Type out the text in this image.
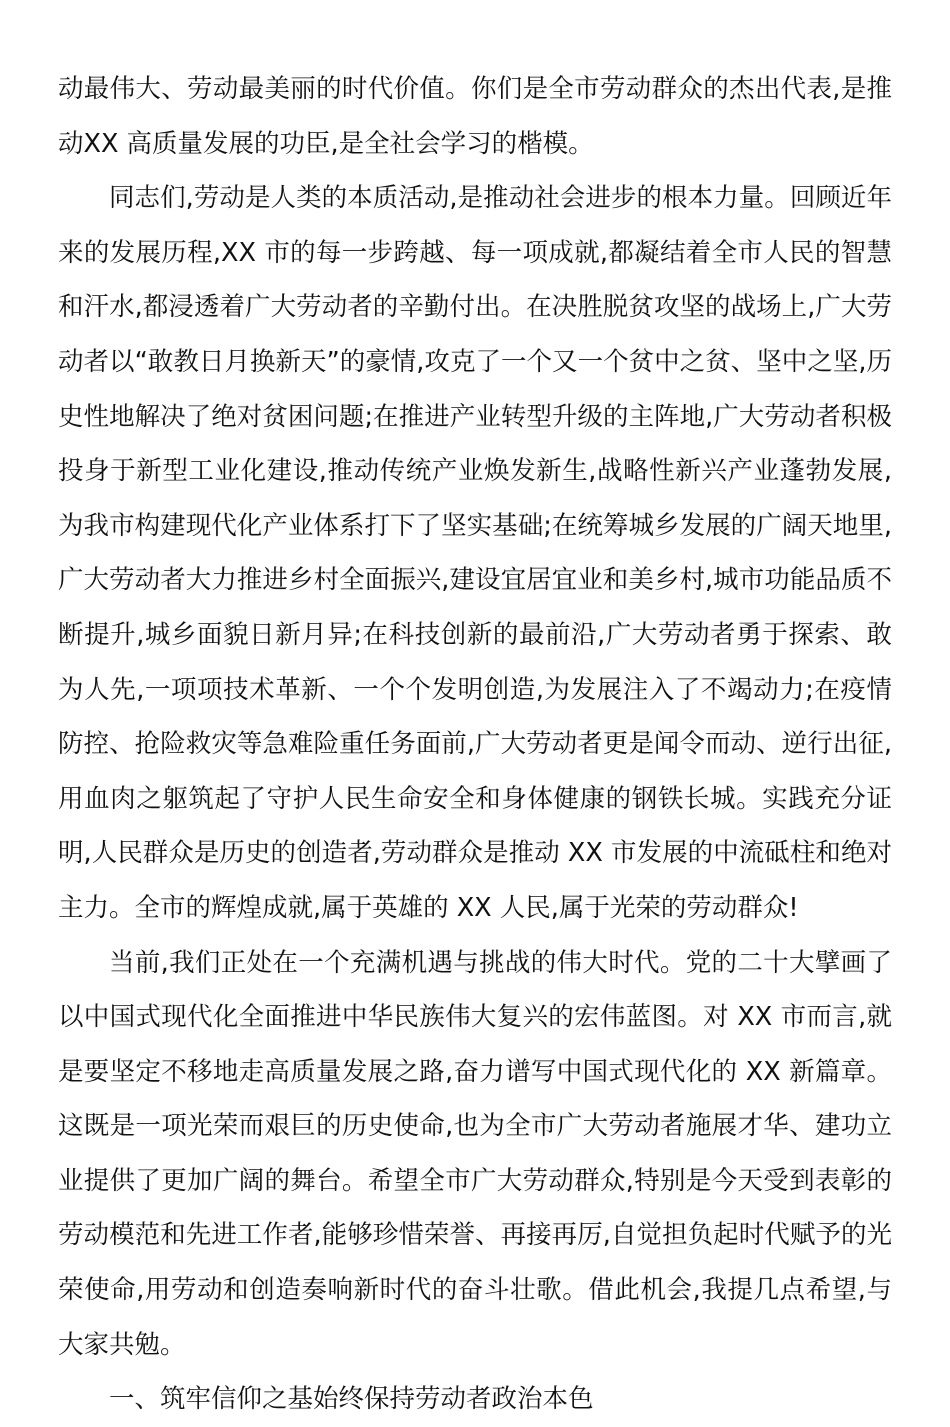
动最伟大、劳动最美丽的时代价值。你们是全市劳动群众的杰出代表,是推动XX 高质量发展的功臣,是全社会学习的楷模。

同志们,劳动是人类的本质活动,是推动社会进步的根本力量。回顾近年来的发展历程,XX 市的每一步跨越、每一项成就,都凝结着全市人民的智慧和汗水,都浸透着广大劳动者的辛勤付出。在决胜脱贫攻坚的战场上,广大劳动者以“敢教日月换新天”的豪情,攻克了一个又一个贫中之贫、坚中之坚,历史性地解决了绝对贫困问题;在推进产业转型升级的主阵地,广大劳动者积极投身于新型工业化建设,推动传统产业焕发新生,战略性新兴产业蓬勃发展,为我市构建现代化产业体系打下了坚实基础;在统筹城乡发展的广阔天地里,广大劳动者大力推进乡村全面振兴,建设宜居宜业和美乡村,城市功能品质不断提升,城乡面貌日新月异;在科技创新的最前沿,广大劳动者勇于探索、敢为人先,一项项技术革新、一个个发明创造,为发展注入了不竭动力;在疫情防控、抢险救灾等急难险重任务面前,广大劳动者更是闻令而动、逆行出征,用血肉之躯筑起了守护人民生命安全和身体健康的钢铁长城。实践充分证明,人民群众是历史的创造者,劳动群众是推动 XX 市发展的中流砥柱和绝对主力。全市的辉煌成就,属于英雄的 XX 人民,属于光荣的劳动群众!

当前,我们正处在一个充满机遇与挑战的伟大时代。党的二十大擘画了以中国式现代化全面推进中华民族伟大复兴的宏伟蓝图。对 XX 市而言,就是要坚定不移地走高质量发展之路,奋力谱写中国式现代化的 XX 新篇章。这既是一项光荣而艰巨的历史使命,也为全市广大劳动者施展才华、建功立业提供了更加广阔的舞台。希望全市广大劳动群众,特别是今天受到表彰的劳动模范和先进工作者,能够珍惜荣誉、再接再厉,自觉担负起时代赋予的光荣使命,用劳动和创造奏响新时代的奋斗壮歌。借此机会,我提几点希望,与大家共勉。

一、筑牢信仰之基始终保持劳动者政治本色
